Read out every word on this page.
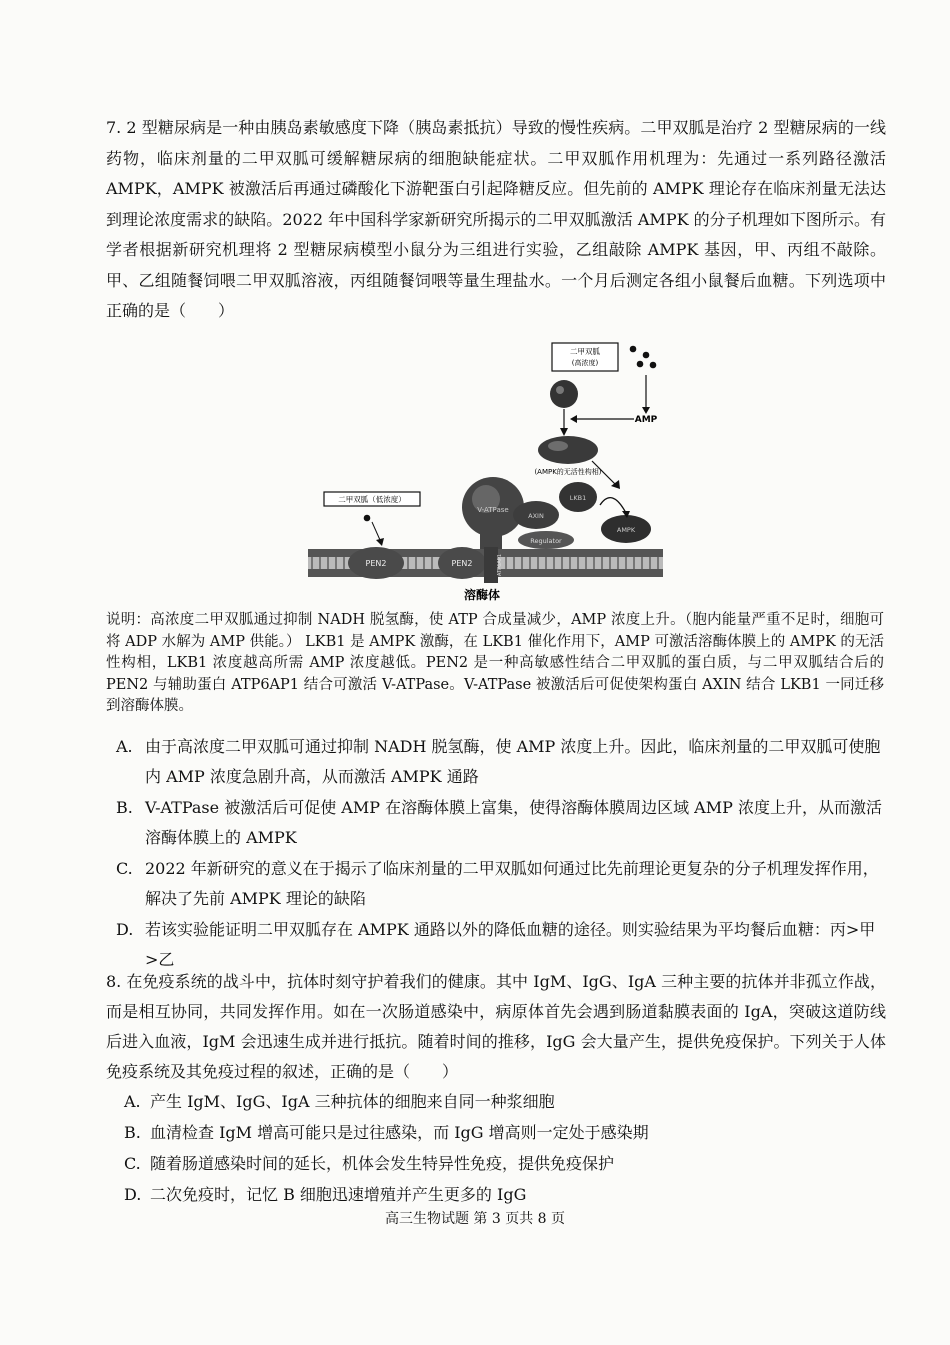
7. 2 型糖尿病是一种由胰岛素敏感度下降（胰岛素抵抗）导致的慢性疾病。二甲双胍是治疗 2 型糖尿病的一线药物，临床剂量的二甲双胍可缓解糖尿病的细胞缺能症状。二甲双胍作用机理为：先通过一系列路径激活 AMPK，AMPK 被激活后再通过磷酸化下游靶蛋白引起降糖反应。但先前的 AMPK 理论存在临床剂量无法达到理论浓度需求的缺陷。2022 年中国科学家新研究所揭示的二甲双胍激活 AMPK 的分子机理如下图所示。有学者根据新研究机理将 2 型糖尿病模型小鼠分为三组进行实验，乙组敲除 AMPK 基因，甲、丙组不敲除。甲、乙组随餐饲喂二甲双胍溶液，丙组随餐饲喂等量生理盐水。一个月后测定各组小鼠餐后血糖。下列选项中正确的是（　　）

二甲双胍
(高浓度)
AMP
(AMPK的无活性构相)
二甲双胍（低浓度）
V-ATPase
AXIN
LKB1
AMPK
Regulator
PEN2	PEN2	ATP6AP1
溶酶体

说明：高浓度二甲双胍通过抑制 NADH 脱氢酶，使 ATP 合成量减少，AMP 浓度上升。（胞内能量严重不足时，细胞可将 ADP 水解为 AMP 供能。） LKB1 是 AMPK 激酶，在 LKB1 催化作用下，AMP 可激活溶酶体膜上的 AMPK 的无活性构相，LKB1 浓度越高所需 AMP 浓度越低。PEN2 是一种高敏感性结合二甲双胍的蛋白质，与二甲双胍结合后的 PEN2 与辅助蛋白 ATP6AP1 结合可激活 V-ATPase。V-ATPase 被激活后可促使架构蛋白 AXIN 结合 LKB1 一同迁移到溶酶体膜。

A. 由于高浓度二甲双胍可通过抑制 NADH 脱氢酶，使 AMP 浓度上升。因此，临床剂量的二甲双胍可使胞内 AMP 浓度急剧升高，从而激活 AMPK 通路
B. V-ATPase 被激活后可促使 AMP 在溶酶体膜上富集，使得溶酶体膜周边区域 AMP 浓度上升，从而激活溶酶体膜上的 AMPK
C. 2022 年新研究的意义在于揭示了临床剂量的二甲双胍如何通过比先前理论更复杂的分子机理发挥作用，解决了先前 AMPK 理论的缺陷
D. 若该实验能证明二甲双胍存在 AMPK 通路以外的降低血糖的途径。则实验结果为平均餐后血糖：丙>甲>乙

8. 在免疫系统的战斗中，抗体时刻守护着我们的健康。其中 IgM、IgG、IgA 三种主要的抗体并非孤立作战，而是相互协同，共同发挥作用。如在一次肠道感染中，病原体首先会遇到肠道黏膜表面的 IgA，突破这道防线后进入血液，IgM 会迅速生成并进行抵抗。随着时间的推移，IgG 会大量产生，提供免疫保护。下列关于人体免疫系统及其免疫过程的叙述，正确的是（　　）

A. 产生 IgM、IgG、IgA 三种抗体的细胞来自同一种浆细胞
B. 血清检查 IgM 增高可能只是过往感染，而 IgG 增高则一定处于感染期
C. 随着肠道感染时间的延长，机体会发生特异性免疫，提供免疫保护
D. 二次免疫时，记忆 B 细胞迅速增殖并产生更多的 IgG
高三生物试题 第 3 页共 8 页
